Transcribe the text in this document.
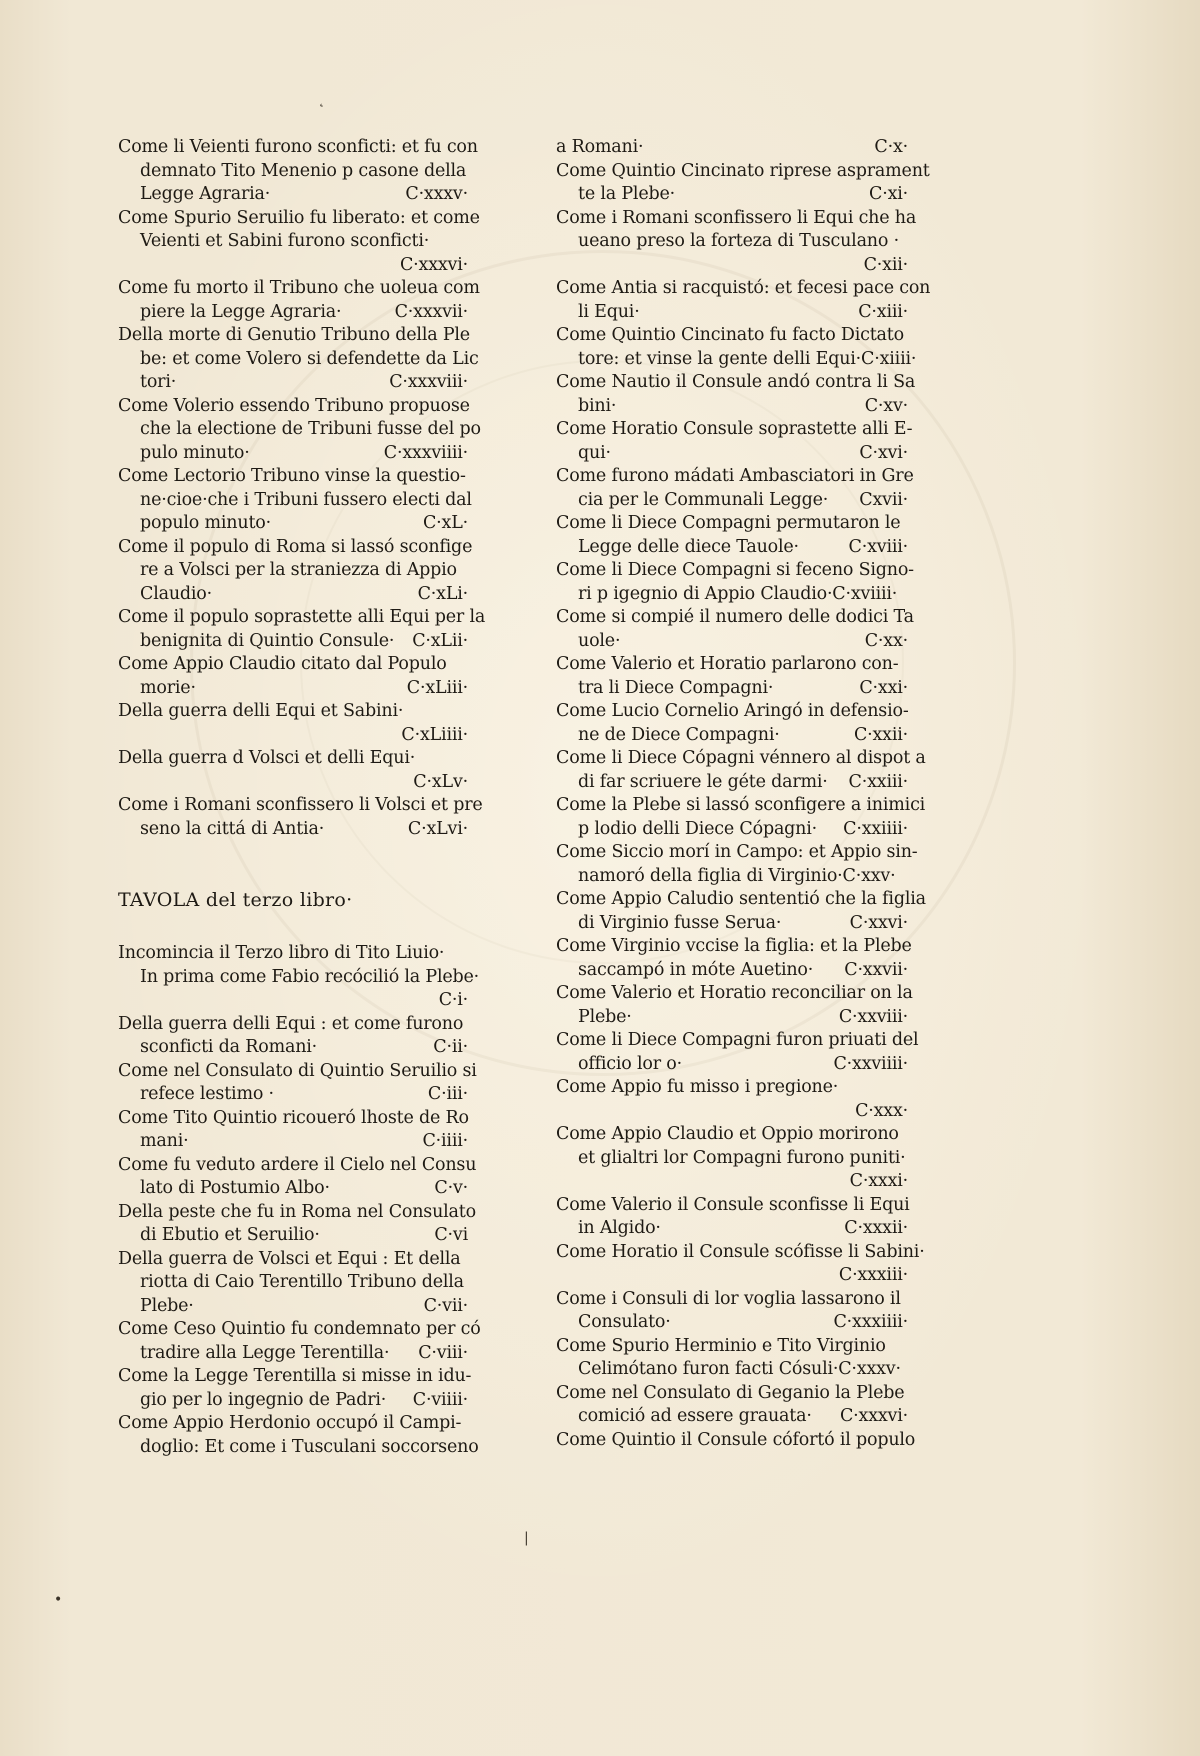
˛
|
•
Come li Veienti furono sconficti: et fu con
demnato Tito Menenio p casone della
Legge Agraria·	C·xxxv·
Come Spurio Seruilio fu liberato: et come
Veienti et Sabini furono sconficti·
C·xxxvi·
Come fu morto il Tribuno che uoleua com
piere la Legge Agraria·	C·xxxvii·
Della morte di Genutio Tribuno della Ple
be: et come Volero si defendette da Lic
tori·	C·xxxviii·
Come Volerio essendo Tribuno propuose
che la electione de Tribuni fusse del po
pulo minuto·	C·xxxviiii·
Come Lectorio Tribuno vinse la questio-
ne·cioe·che i Tribuni fussero electi dal
populo minuto·	C·xL·
Come il populo di Roma si lassó sconfige
re a Volsci per la straniezza di Appio
Claudio·	C·xLi·
Come il populo soprastette alli Equi per la
benignita di Quintio Consule· C·xLii·
Come Appio Claudio citato dal Populo
morie·	C·xLiii·
Della guerra delli Equi et Sabini·
C·xLiiii·
Della guerra d Volsci et delli Equi·
C·xLv·
Come i Romani sconfissero li Volsci et pre
seno la cittá di Antia·	C·xLvi·
TAVOLA del terzo libro·
Incomincia il Terzo libro di Tito Liuio·
In prima come Fabio recócilió la Plebe·
C·i·
Della guerra delli Equi : et come furono
sconficti da Romani·	C·ii·
Come nel Consulato di Quintio Seruilio si
refece lestimo ·	C·iii·
Come Tito Quintio ricoueró lhoste de Ro
mani·	C·iiii·
Come fu veduto ardere il Cielo nel Consu
lato di Postumio Albo·	C·v·
Della peste che fu in Roma nel Consulato
di Ebutio et Seruilio·	C·vi
Della guerra de Volsci et Equi : Et della
riotta di Caio Terentillo Tribuno della
Plebe·	C·vii·
Come Ceso Quintio fu condemnato per có
tradire alla Legge Terentilla· C·viii·
Come la Legge Terentilla si misse in idu-
gio per lo ingegnio de Padri· C·viiii·
Come Appio Herdonio occupó il Campi-
doglio: Et come i Tusculani soccorseno
a Romani·	C·x·
Come Quintio Cincinato riprese asprament
te la Plebe·	C·xi·
Come i Romani sconfissero li Equi che ha
ueano preso la forteza di Tusculano ·
C·xii·
Come Antia si racquistó: et fecesi pace con
li Equi·	C·xiii·
Come Quintio Cincinato fu facto Dictato
tore: et vinse la gente delli Equi·C·xiiii·
Come Nautio il Consule andó contra li Sa
bini·	C·xv·
Come Horatio Consule soprastette alli E-
qui·	C·xvi·
Come furono mádati Ambasciatori in Gre
cia per le Communali Legge· Cxvii·
Come li Diece Compagni permutaron le
Legge delle diece Tauole·	C·xviii·
Come li Diece Compagni si feceno Signo-
ri p igegnio di Appio Claudio·C·xviiii·
Come si compié il numero delle dodici Ta
uole·	C·xx·
Come Valerio et Horatio parlarono con-
tra li Diece Compagni·	C·xxi·
Come Lucio Cornelio Aringó in defensio-
ne de Diece Compagni·	C·xxii·
Come li Diece Cópagni vénnero al dispot a
di far scriuere le géte darmi· C·xxiii·
Come la Plebe si lassó sconfigere a inimici
p lodio delli Diece Cópagni· C·xxiiii·
Come Siccio morí in Campo: et Appio sin-
namoró della figlia di Virginio·C·xxv·
Come Appio Caludio sententió che la figlia
di Virginio fusse Serua·	C·xxvi·
Come Virginio vccise la figlia: et la Plebe
saccampó in móte Auetino· C·xxvii·
Come Valerio et Horatio reconciliar on la
Plebe·	C·xxviii·
Come li Diece Compagni furon priuati del
officio lor o·	C·xxviiii·
Come Appio fu misso i pregione·
C·xxx·
Come Appio Claudio et Oppio morirono
et glialtri lor Compagni furono puniti·
C·xxxi·
Come Valerio il Consule sconfisse li Equi
in Algido·	C·xxxii·
Come Horatio il Consule scófisse li Sabini·
C·xxxiii·
Come i Consuli di lor voglia lassarono il
Consulato·	C·xxxiiii·
Come Spurio Herminio e Tito Virginio
Celimótano furon facti Cósuli·C·xxxv·
Come nel Consulato di Geganio la Plebe
comició ad essere grauata· C·xxxvi·
Come Quintio il Consule cófortó il populo
